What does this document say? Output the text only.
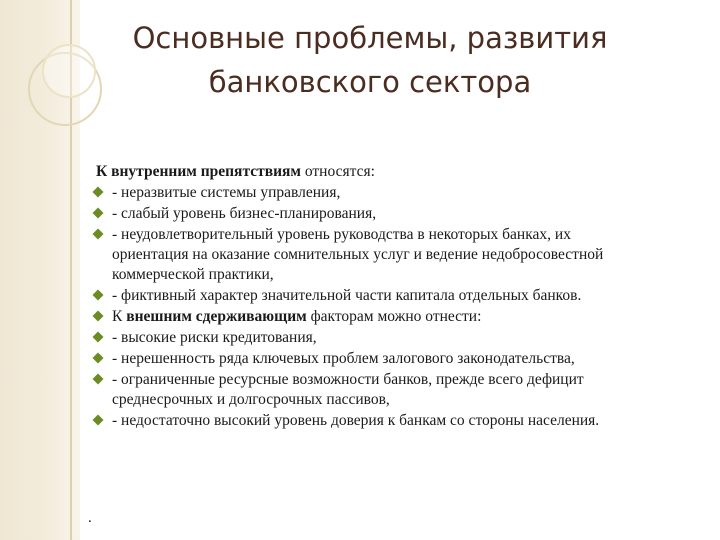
Основные проблемы, развития
банковского сектора
К внутренним препятствиям относятся:
- неразвитые системы управления,
- слабый уровень бизнес-планирования,
- неудовлетворительный уровень руководства в некоторых банках, их ориентация на оказание сомнительных услуг и ведение недобросовестной коммерческой практики,
- фиктивный характер значительной части капитала отдельных банков.
К внешним сдерживающим факторам можно отнести:
- высокие риски кредитования,
- нерешенность ряда ключевых проблем залогового законодательства,
- ограниченные ресурсные возможности банков, прежде всего дефицит среднесрочных и долгосрочных пассивов,
- недостаточно высокий уровень доверия к банкам со стороны населения.
.
